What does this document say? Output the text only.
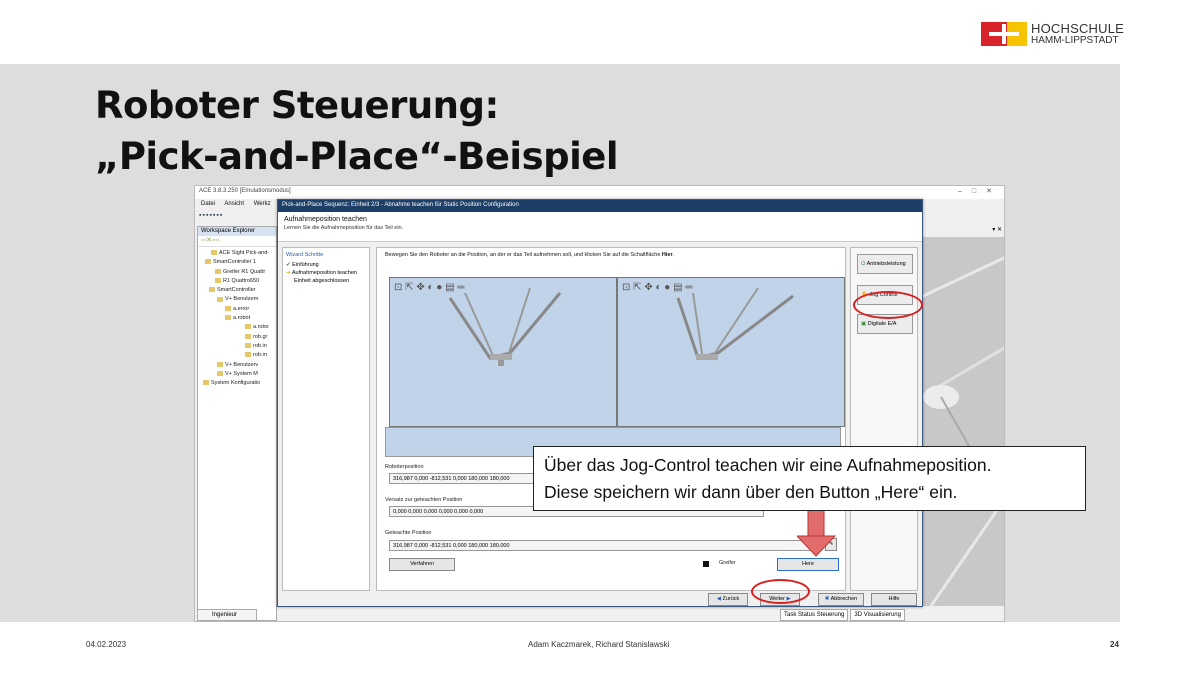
HOCHSCHULE
HAMM-LIPPSTADT
Roboter Steuerung:
„Pick-and-Place“-Beispiel
ACE 3.8.3.250 [Emulationsmodus]	–□✕
Datei Ansicht Werkz
▪▪▪▪▪▪▪
Workspace Explorer
▫▫✕▫▫▫
ACE Sight Pick-and-
SmartController 1
Greifer R1 Quattr
R1 Quattro650
SmartController
V+ Benutzern
a.error
a.robot
a.robo
rob.gr
rob.in
rob.m
V+ Benutzerv
V+ System M
System Konfiguratio
Ingenieur
▾ ✕
Task Status Steuerung 3D Visualisierung
Pick-and-Place Sequenz: Einheit 2/3 - Abnahme teachen für Static Position Configuration
Aufnahmeposition teachen
Lernen Sie die Aufnahmeposition für das Teil ein.
Wizard Schritte
✔ Einführung
➜ Aufnahmeposition teachen
Einheit abgeschlossen
Bewegen Sie den Roboter an die Position, an der er das Teil aufnehmen soll, und klicken Sie auf die Schaltfläche Hier.
⊡ ⇱ ✥ ◐ ● ▤ ═	⊡ ⇱ ✥ ◐ ● ▤ ═
Roboterposition
316,987 0,000 -812,531 0,000 180,000 180,000
Versatz zur geteachten Position
0,000 0,000 0,000 0,000 0,000 0,000
Geteachte Position
316,987 0,000 -812,531 0,000 180,000 180,000	✎
Verfahren	Greifer	Here
⏻ Antriebsleistung
✋ Jog Control
▣ Digitale E/A
◀ Zurück	Weiter ▶	✖ Abbrechen	Hilfe
Über das Jog-Control teachen wir eine Aufnahmeposition.
Diese speichern wir dann über den Button „Here“ ein.
04.02.2023	Adam Kaczmarek, Richard Stanislawski	24
